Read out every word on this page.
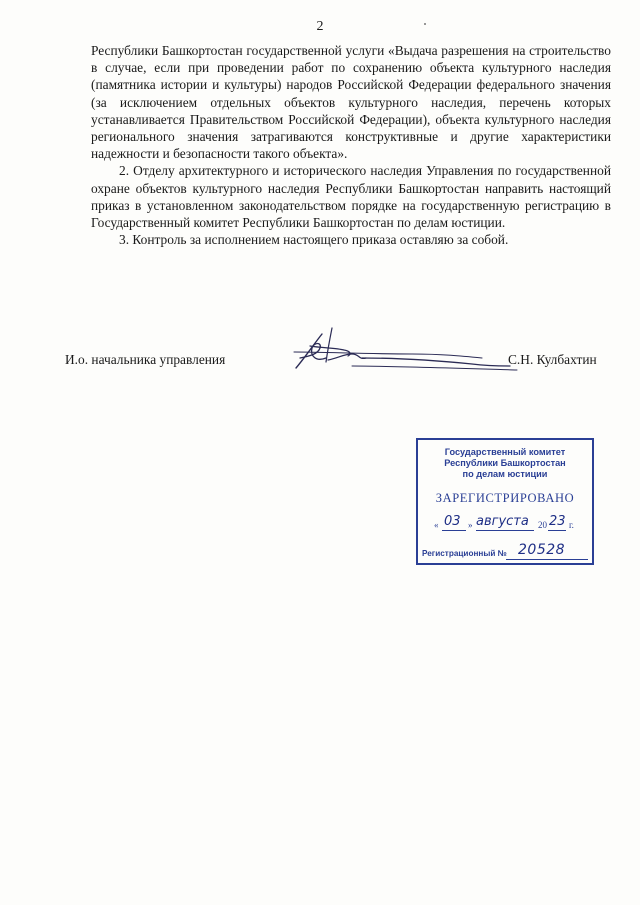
2

Республики Башкортостан государственной услуги «Выдача разрешения на строительство в случае, если при проведении работ по сохранению объекта культурного наследия (памятника истории и культуры) народов Российской Федерации федерального значения (за исключением отдельных объектов культурного наследия, перечень которых устанавливается Правительством Российской Федерации), объекта культурного наследия регионального значения затрагиваются конструктивные и другие характеристики надежности и безопасности такого объекта».

2. Отделу архитектурного и исторического наследия Управления по государственной охране объектов культурного наследия Республики Башкортостан направить настоящий приказ в установленном законодательством порядке на государственную регистрацию в Государственный комитет Республики Башкортостан по делам юстиции.

3. Контроль за исполнением настоящего приказа оставляю за собой.

И.о. начальника управления	С.Н. Кулбахтин
Государственный комитет
Республики Башкортостан
по делам юстиции
ЗАРЕГИСТРИРОВАНО
« 03 » августа 20 23 г.
Регистрационный № 20528
